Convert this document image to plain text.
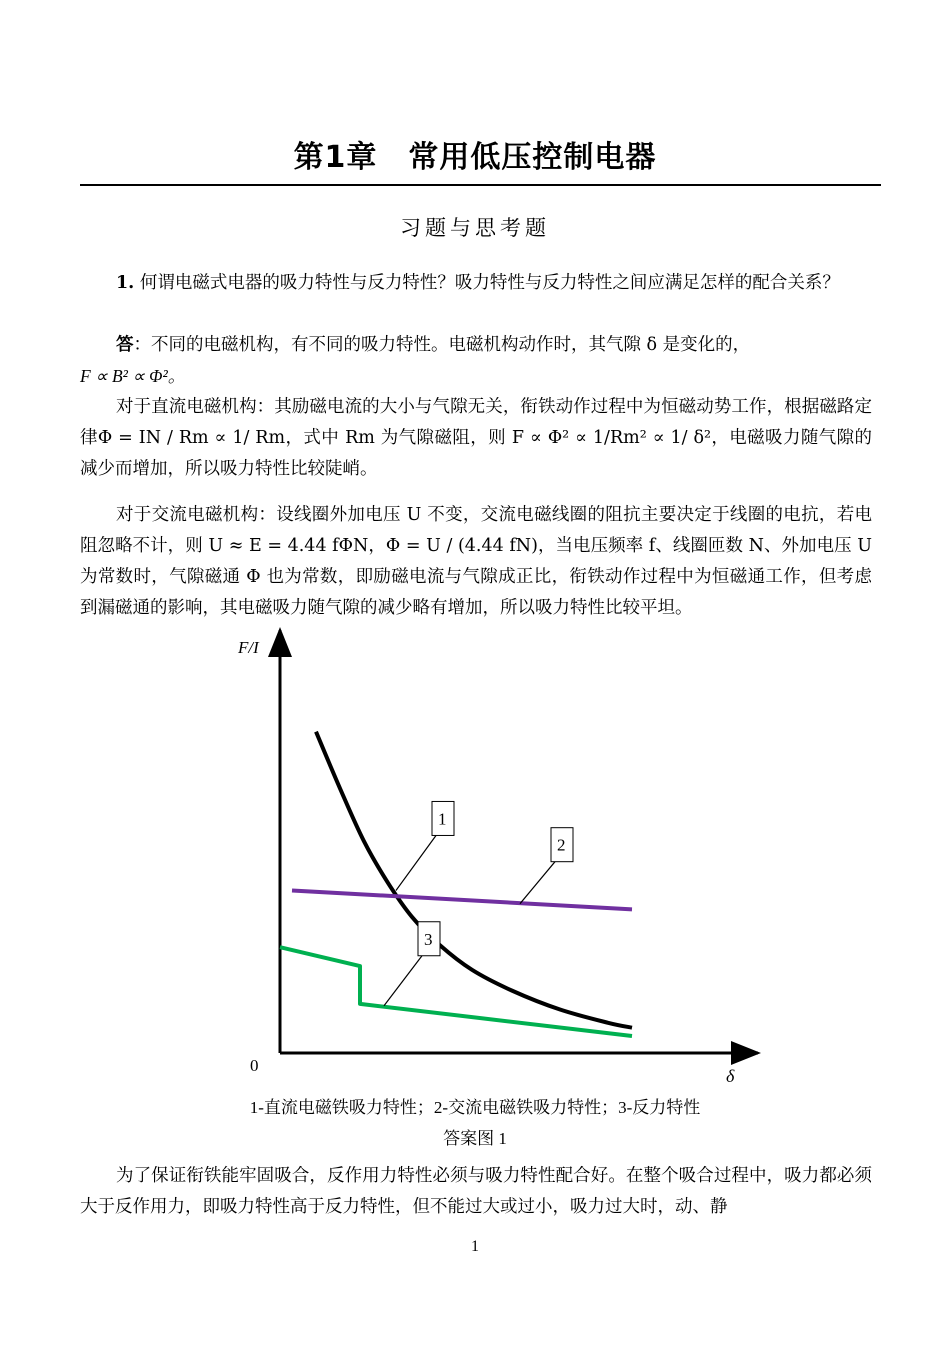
第1章　常用低压控制电器
习题与思考题
1. 何谓电磁式电器的吸力特性与反力特性？吸力特性与反力特性之间应满足怎样的配合关系？
答：不同的电磁机构，有不同的吸力特性。电磁机构动作时，其气隙 δ 是变化的，
F ∝ B² ∝ Φ²。
对于直流电磁机构：其励磁电流的大小与气隙无关，衔铁动作过程中为恒磁动势工作，根据磁路定律Φ = IN / Rm ∝ 1/ Rm，式中 Rm 为气隙磁阻，则 F ∝ Φ² ∝ 1/Rm² ∝ 1/ δ²，电磁吸力随气隙的减少而增加，所以吸力特性比较陡峭。
对于交流电磁机构：设线圈外加电压 U 不变，交流电磁线圈的阻抗主要决定于线圈的电抗，若电阻忽略不计，则 U ≈ E = 4.44 fΦN，Φ = U / (4.44 fN)，当电压频率 f、线圈匝数 N、外加电压 U 为常数时，气隙磁通 Φ 也为常数，即励磁电流与气隙成正比，衔铁动作过程中为恒磁通工作，但考虑到漏磁通的影响，其电磁吸力随气隙的减少略有增加，所以吸力特性比较平坦。
F/I
δ
0
1
2
3
1-直流电磁铁吸力特性；2-交流电磁铁吸力特性；3-反力特性
答案图 1
为了保证衔铁能牢固吸合，反作用力特性必须与吸力特性配合好。在整个吸合过程中，吸力都必须大于反作用力，即吸力特性高于反力特性，但不能过大或过小，吸力过大时，动、静
1
